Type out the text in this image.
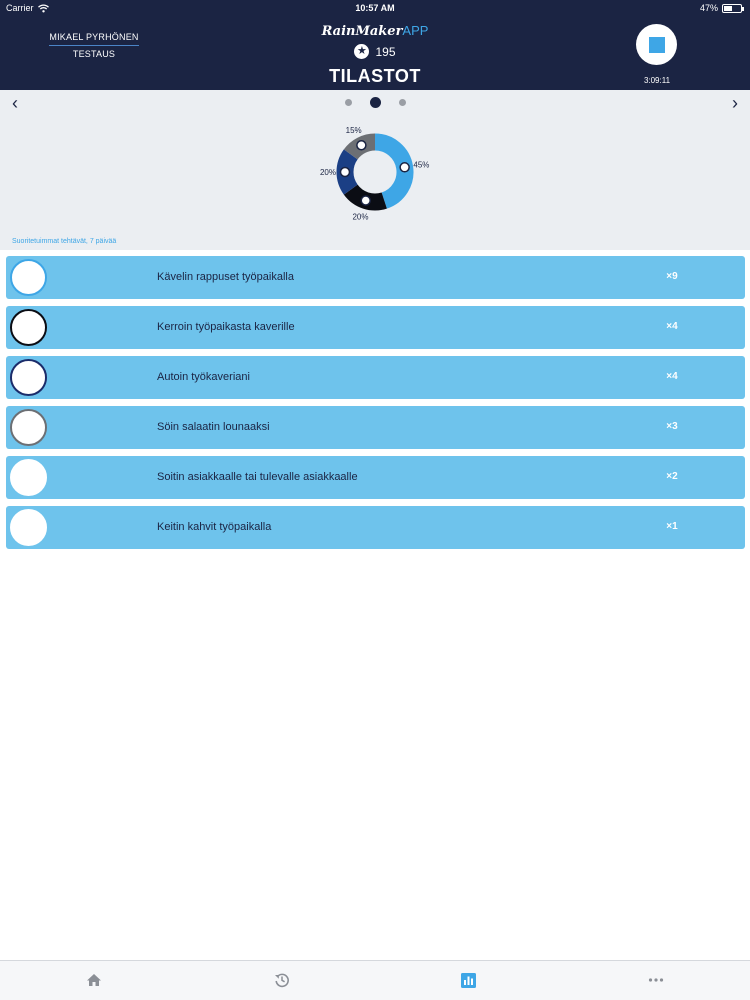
Carrier	10:57 AM	47%
MIKAEL PYRHÖNEN
TESTAUS
RainMakerAPP
★ 195
TILASTOT	3:09:11
‹	›
45%
20%
20%
15%
Suoritetuimmat tehtävät, 7 päivää
Kävelin rappuset työpaikalla	×9
Kerroin työpaikasta kaverille	×4
Autoin työkaveriani	×4
Söin salaatin lounaaksi	×3
Soitin asiakkaalle tai tulevalle asiakkaalle	×2
Keitin kahvit työpaikalla	×1
